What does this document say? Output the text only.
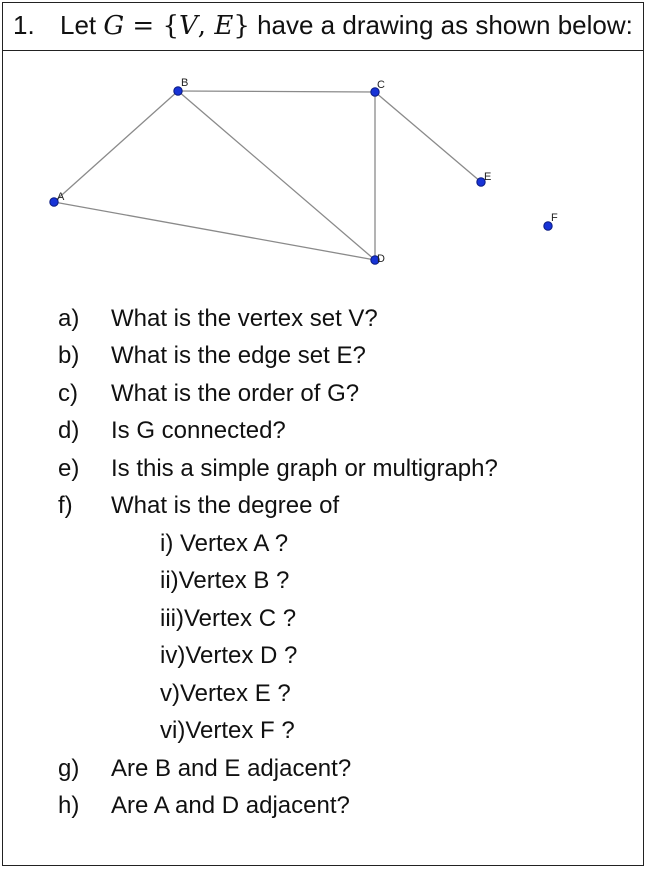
1. Let G = {V, E} have a drawing as shown below:
A
B	C
D
E
F
a)	What is the vertex set V?
b)	What is the edge set E?
c)	What is the order of G?
d)	Is G connected?
e)	Is this a simple graph or multigraph?
f)	What is the degree of
i) Vertex A ?
ii)Vertex B ?
iii)Vertex C ?
iv)Vertex D ?
v)Vertex E ?
vi)Vertex F ?
g)	Are B and E adjacent?
h)	Are A and D adjacent?
